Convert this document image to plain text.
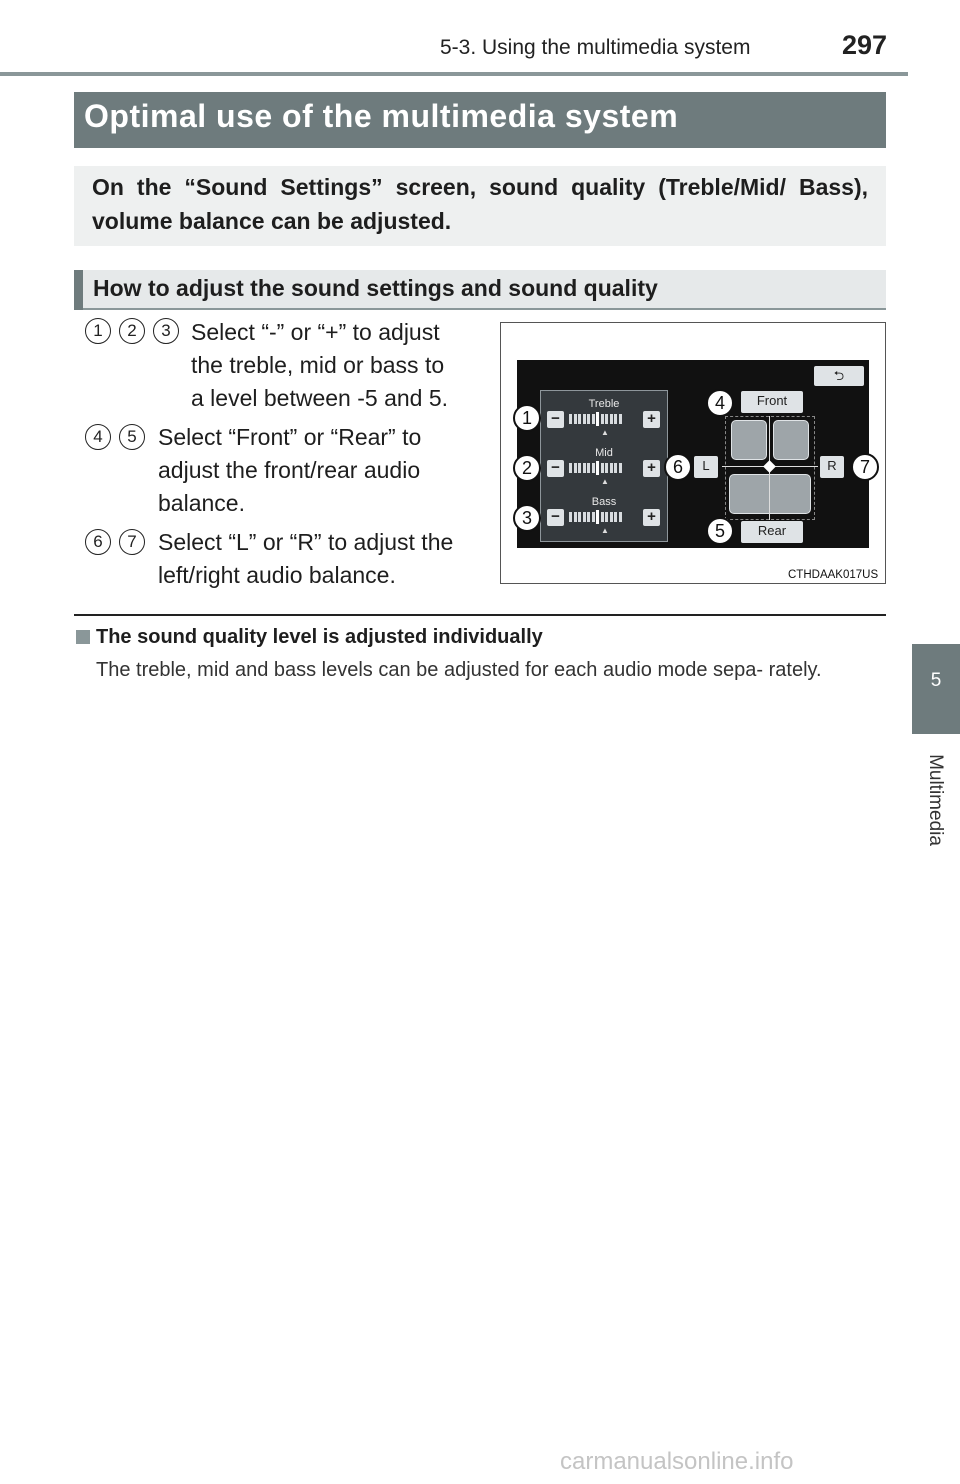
5-3. Using the multimedia system	297
5
Multimedia
Optimal use of the multimedia system
On the “Sound Settings” screen, sound quality (Treble/Mid/ Bass), volume balance can be adjusted.
How to adjust the sound settings and sound quality
1	2	3 Select “-” or “+” to adjust
the treble, mid or bass to
a level between -5 and 5.
4	5 Select “Front” or “Rear” to
adjust the front/rear audio
balance.
6	7 Select “L” or “R” to adjust the
left/right audio balance.
⮌
Treble
−	+
▲
Mid
−	+
▲
Bass
−	+
▲
Front
Rear
L	R
1
2
3
4
5
6	7
CTHDAAK017US
The sound quality level is adjusted individually
The treble, mid and bass levels can be adjusted for each audio mode sepa- rately.
carmanualsonline.info
